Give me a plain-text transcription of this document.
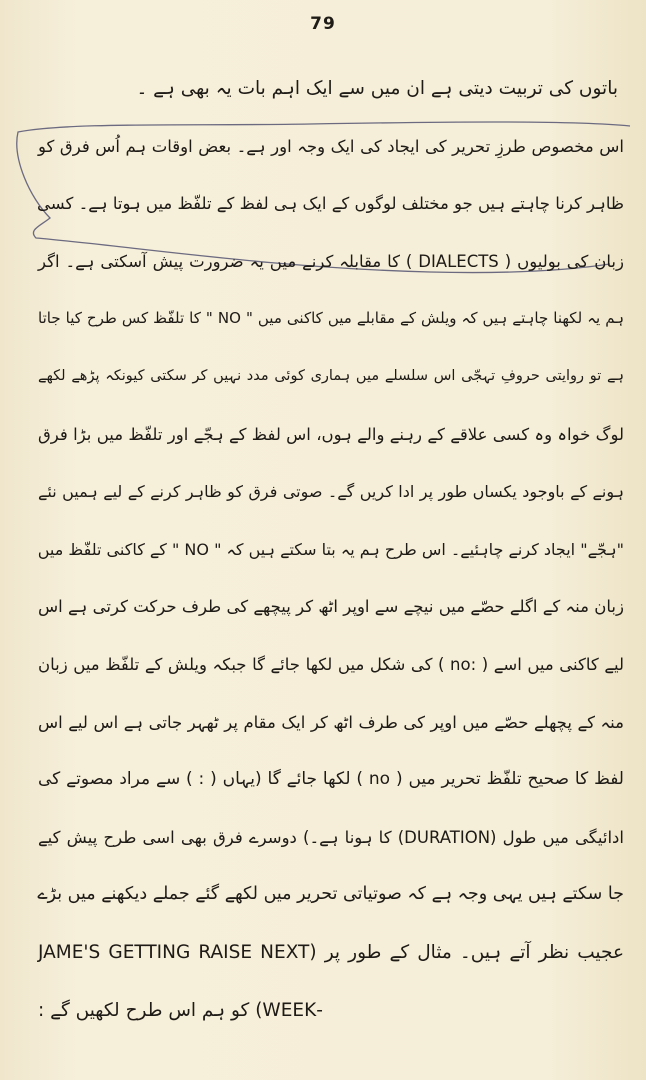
79
باتوں کی تربیت دیتی ہے ان میں سے ایک اہم بات یہ بھی ہے ۔
اس مخصوص طرزِ تحریر کی ایجاد کی ایک وجہ اور ہے۔ بعض اوقات ہم اُس فرق کو
ظاہر کرنا چاہتے ہیں جو مختلف لوگوں کے ایک ہی لفظ کے تلفّظ میں ہوتا ہے۔ کسی
زبان کی بولیوں ( DIALECTS ) کا مقابلہ کرنے میں یہ ضرورت پیش آسکتی ہے۔ اگر
ہم یہ لکھنا چاہتے ہیں کہ ویلش کے مقابلے میں کاکنی میں " NO " کا تلفّظ کس طرح کیا جاتا
ہے تو روایتی حروفِ تہجّی اس سلسلے میں ہماری کوئی مدد نہیں کر سکتی کیونکہ پڑھے لکھے
لوگ خواہ وہ کسی علاقے کے رہنے والے ہوں، اس لفظ کے ہجّے اور تلفّظ میں بڑا فرق
ہونے کے باوجود یکساں طور پر ادا کریں گے۔ صوتی فرق کو ظاہر کرنے کے لیے ہمیں نئے
"ہجّے" ایجاد کرنے چاہئیے۔ اس طرح ہم یہ بتا سکتے ہیں کہ " NO " کے کاکنی تلفّظ میں
زبان منہ کے اگلے حصّے میں نیچے سے اوپر اٹھ کر پیچھے کی طرف حرکت کرتی ہے اس
لیے کاکنی میں اسے ( :no ) کی شکل میں لکھا جائے گا جبکہ ویلش کے تلفّظ میں زبان
منہ کے پچھلے حصّے میں اوپر کی طرف اٹھ کر ایک مقام پر ٹھہر جاتی ہے اس لیے اس
لفظ کا صحیح تلفّظ تحریر میں ( no ) لکھا جائے گا (یہاں ( : ) سے مراد مصوتے کی
ادائیگی میں طول (DURATION) کا ہونا ہے۔) دوسرے فرق بھی اسی طرح پیش کیے
جا سکتے ہیں یہی وجہ ہے کہ صوتیاتی تحریر میں لکھے گئے جملے دیکھنے میں بڑے
عجیب نظر آتے ہیں۔ مثال کے طور پر (JAME'S GETTING RAISE NEXT
-WEEK) کو ہم اس طرح لکھیں گے :
